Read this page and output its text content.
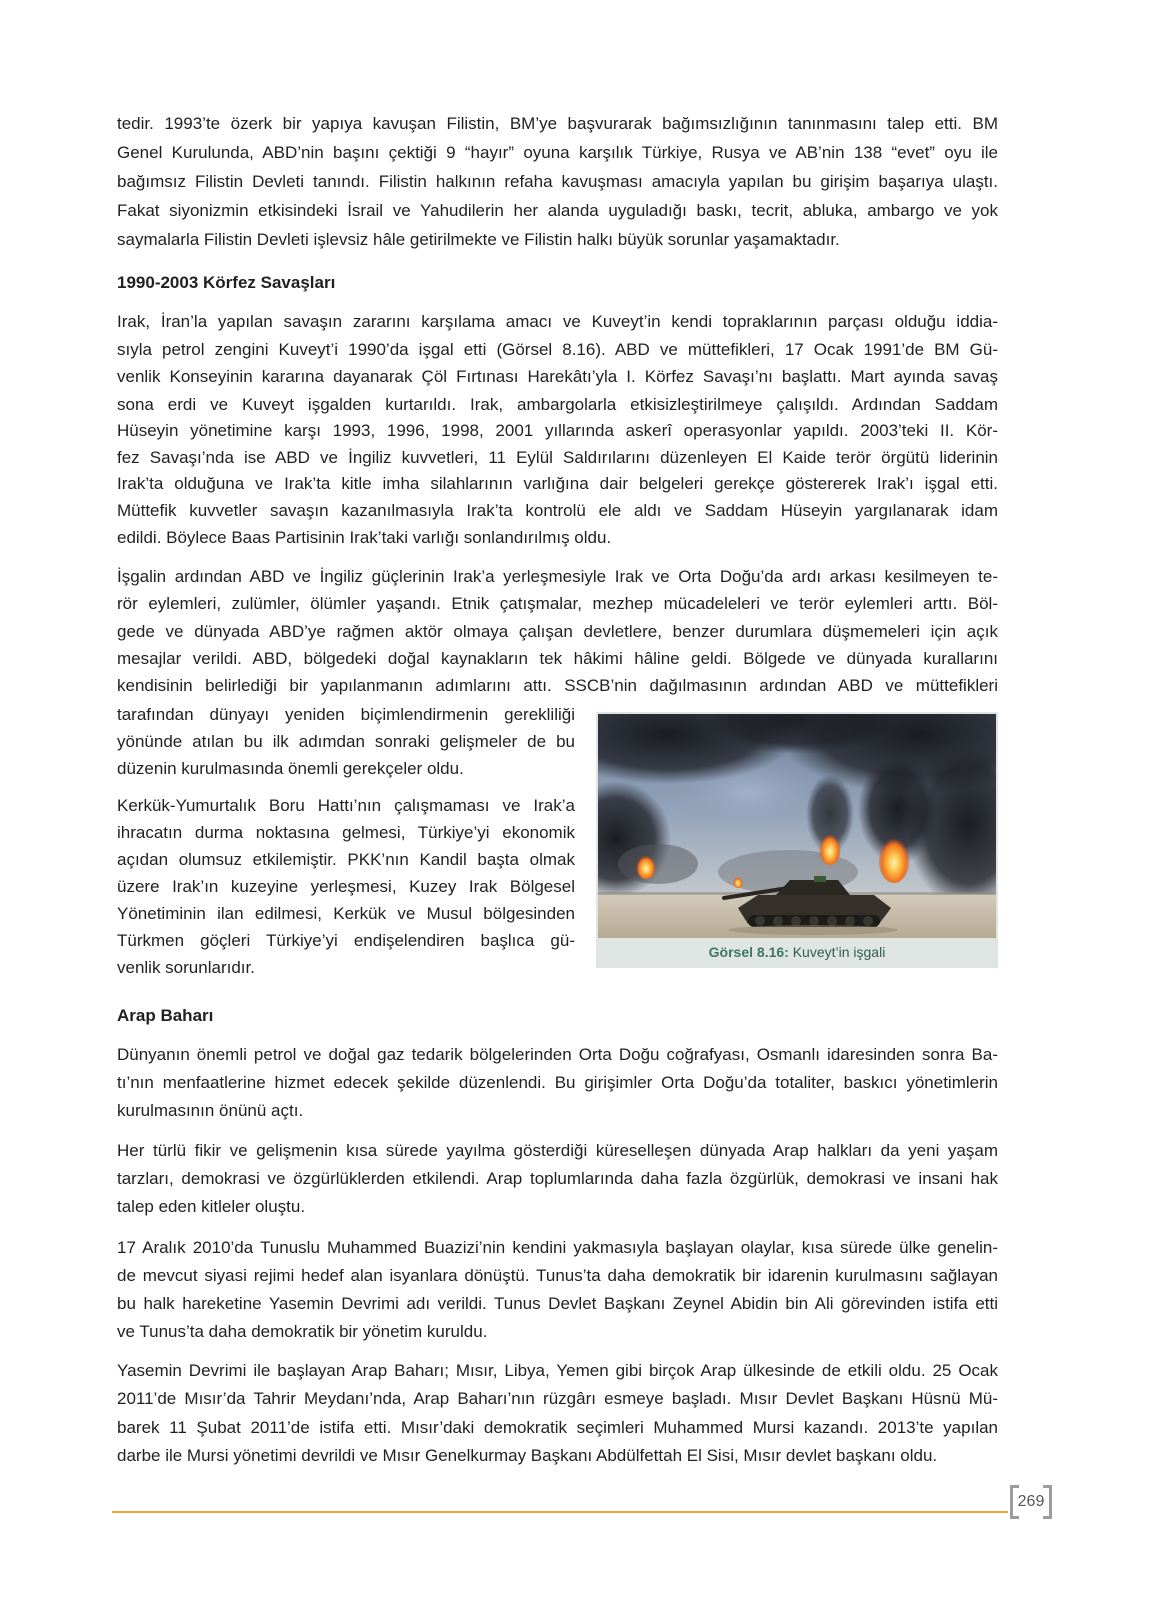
tedir. 1993’te özerk bir yapıya kavuşan Filistin, BM’ye başvurarak bağımsızlığının tanınmasını talep etti. BM
Genel Kurulunda, ABD’nin başını çektiği 9 “hayır” oyuna karşılık Türkiye, Rusya ve AB’nin 138 “evet” oyu ile
bağımsız Filistin Devleti tanındı. Filistin halkının refaha kavuşması amacıyla yapılan bu girişim başarıya ulaştı.
Fakat siyonizmin etkisindeki İsrail ve Yahudilerin her alanda uyguladığı baskı, tecrit, abluka, ambargo ve yok
saymalarla Filistin Devleti işlevsiz hâle getirilmekte ve Filistin halkı büyük sorunlar yaşamaktadır.
1990-2003 Körfez Savaşları
Irak, İran’la yapılan savaşın zararını karşılama amacı ve Kuveyt’in kendi topraklarının parçası olduğu iddia-
sıyla petrol zengini Kuveyt’i 1990’da işgal etti (Görsel 8.16). ABD ve müttefikleri, 17 Ocak 1991’de BM Gü-
venlik Konseyinin kararına dayanarak Çöl Fırtınası Harekâtı’yla I. Körfez Savaşı’nı başlattı. Mart ayında savaş
sona erdi ve Kuveyt işgalden kurtarıldı. Irak, ambargolarla etkisizleştirilmeye çalışıldı. Ardından Saddam
Hüseyin yönetimine karşı 1993, 1996, 1998, 2001 yıllarında askerî operasyonlar yapıldı. 2003’teki II. Kör-
fez Savaşı’nda ise ABD ve İngiliz kuvvetleri, 11 Eylül Saldırılarını düzenleyen El Kaide terör örgütü liderinin
Irak’ta olduğuna ve Irak’ta kitle imha silahlarının varlığına dair belgeleri gerekçe göstererek Irak’ı işgal etti.
Müttefik kuvvetler savaşın kazanılmasıyla Irak’ta kontrolü ele aldı ve Saddam Hüseyin yargılanarak idam
edildi. Böylece Baas Partisinin Irak’taki varlığı sonlandırılmış oldu.
İşgalin ardından ABD ve İngiliz güçlerinin Irak’a yerleşmesiyle Irak ve Orta Doğu’da ardı arkası kesilmeyen te-
rör eylemleri, zulümler, ölümler yaşandı. Etnik çatışmalar, mezhep mücadeleleri ve terör eylemleri arttı. Böl-
gede ve dünyada ABD’ye rağmen aktör olmaya çalışan devletlere, benzer durumlara düşmemeleri için açık
mesajlar verildi. ABD, bölgedeki doğal kaynakların tek hâkimi hâline geldi. Bölgede ve dünyada kurallarını
kendisinin belirlediği bir yapılanmanın adımlarını attı. SSCB’nin dağılmasının ardından ABD ve müttefikleri
tarafından dünyayı yeniden biçimlendirmenin gerekliliği
yönünde atılan bu ilk adımdan sonraki gelişmeler de bu
düzenin kurulmasında önemli gerekçeler oldu.
Kerkük-Yumurtalık Boru Hattı’nın çalışmaması ve Irak’a
ihracatın durma noktasına gelmesi, Türkiye’yi ekonomik
açıdan olumsuz etkilemiştir. PKK’nın Kandil başta olmak
üzere Irak’ın kuzeyine yerleşmesi, Kuzey Irak Bölgesel
Yönetiminin ilan edilmesi, Kerkük ve Musul bölgesinden
Türkmen göçleri Türkiye’yi endişelendiren başlıca gü-
venlik sorunlarıdır.
Görsel 8.16: Kuveyt’in işgali
Arap Baharı
Dünyanın önemli petrol ve doğal gaz tedarik bölgelerinden Orta Doğu coğrafyası, Osmanlı idaresinden sonra Ba-
tı’nın menfaatlerine hizmet edecek şekilde düzenlendi. Bu girişimler Orta Doğu’da totaliter, baskıcı yönetimlerin
kurulmasının önünü açtı.
Her türlü fikir ve gelişmenin kısa sürede yayılma gösterdiği küreselleşen dünyada Arap halkları da yeni yaşam
tarzları, demokrasi ve özgürlüklerden etkilendi. Arap toplumlarında daha fazla özgürlük, demokrasi ve insani hak
talep eden kitleler oluştu.
17 Aralık 2010’da Tunuslu Muhammed Buazizi’nin kendini yakmasıyla başlayan olaylar, kısa sürede ülke genelin-
de mevcut siyasi rejimi hedef alan isyanlara dönüştü. Tunus’ta daha demokratik bir idarenin kurulmasını sağlayan
bu halk hareketine Yasemin Devrimi adı verildi. Tunus Devlet Başkanı Zeynel Abidin bin Ali görevinden istifa etti
ve Tunus’ta daha demokratik bir yönetim kuruldu.
Yasemin Devrimi ile başlayan Arap Baharı; Mısır, Libya, Yemen gibi birçok Arap ülkesinde de etkili oldu. 25 Ocak
2011’de Mısır’da Tahrir Meydanı’nda, Arap Baharı’nın rüzgârı esmeye başladı. Mısır Devlet Başkanı Hüsnü Mü-
barek 11 Şubat 2011’de istifa etti. Mısır’daki demokratik seçimleri Muhammed Mursi kazandı. 2013’te yapılan
darbe ile Mursi yönetimi devrildi ve Mısır Genelkurmay Başkanı Abdülfettah El Sisi, Mısır devlet başkanı oldu.
269
